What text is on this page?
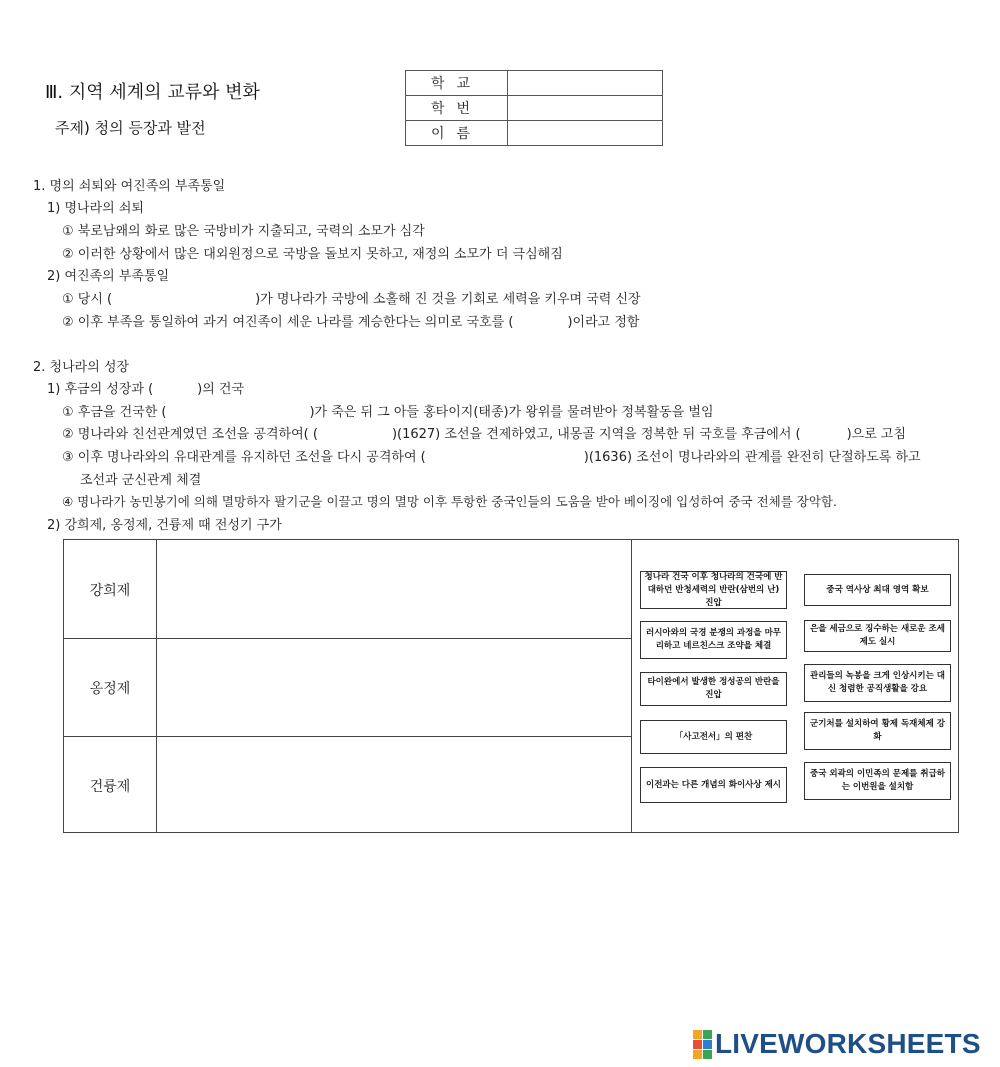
Ⅲ. 지역 세계의 교류와 변화
주제) 청의 등장과 발전
학교	
학번	
이름	
1. 명의 쇠퇴와 여진족의 부족통일
1) 명나라의 쇠퇴
① 북로남왜의 화로 많은 국방비가 지출되고, 국력의 소모가 심각
② 이러한 상황에서 많은 대외원정으로 국방을 돌보지 못하고, 재정의 소모가 더 극심해짐
2) 여진족의 부족통일
① 당시 (	)가 명나라가 국방에 소홀해 진 것을 기회로 세력을 키우며 국력 신장
② 이후 부족을 통일하여 과거 여진족이 세운 나라를 계승한다는 의미로 국호를 (	)이라고 정함
2. 청나라의 성장
1) 후금의 성장과 (	)의 건국
① 후금을 건국한 (	)가 죽은 뒤 그 아들 홍타이지(태종)가 왕위를 물려받아 정복활동을 벌임
② 명나라와 친선관계였던 조선을 공격하여( (	)(1627) 조선을 견제하였고, 내몽골 지역을 정복한 뒤 국호를 후금에서 (	)으로 고침
③ 이후 명나라와의 유대관계를 유지하던 조선을 다시 공격하여 (	)(1636) 조선이 명나라와의 관계를 완전히 단절하도록 하고
조선과 군신관계 체결
④ 명나라가 농민봉기에 의해 멸망하자 팔기군을 이끌고 명의 멸망 이후 투항한 중국인들의 도움을 받아 베이징에 입성하여 중국 전체를 장악함.
2) 강희제, 옹정제, 건륭제 때 전성기 구가
강희제
옹정제
건륭제
청나라 건국 이후 청나라의 건국에 반대하던 반청세력의 반란(삼번의 난) 진압
러시아와의 국경 분쟁의 과정을 마무리하고 네르친스크 조약을 체결
타이완에서 발생한 정성공의 반란을 진압
「사고전서」의 편찬
이전과는 다른 개념의 화이사상 제시
중국 역사상 최대 영역 확보
은을 세금으로 징수하는 새로운 조세제도 실시
관리들의 녹봉을 크게 인상시키는 대신 청렴한 공직생활을 강요
군기처를 설치하여 황제 독재체제 강화
중국 외곽의 이민족의 문제를 취급하는 이번원을 설치함
LIVEWORKSHEETS
